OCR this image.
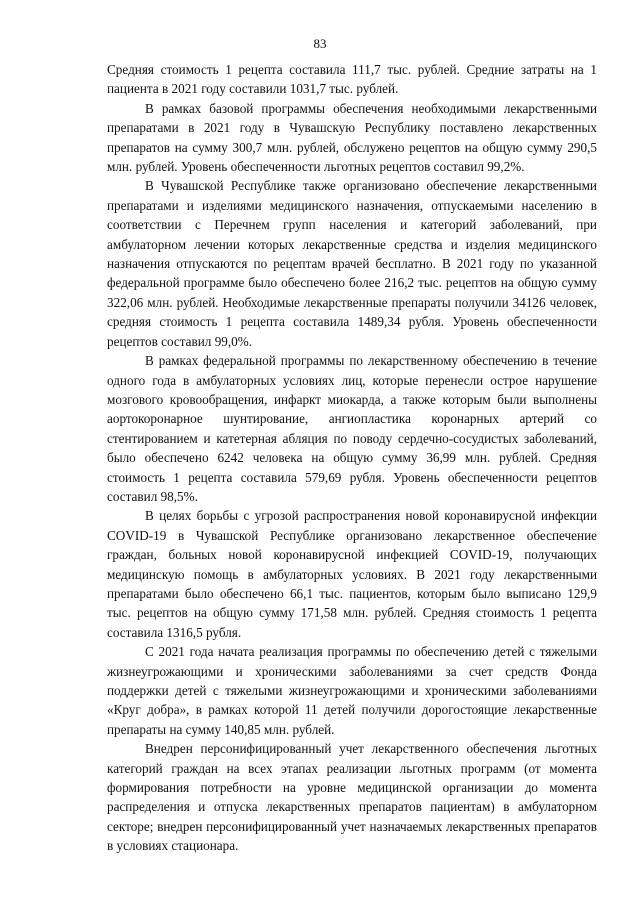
83

Средняя стоимость 1 рецепта составила 111,7 тыс. рублей. Средние затраты на 1 пациента в 2021 году составили 1031,7 тыс. рублей.

В рамках базовой программы обеспечения необходимыми лекарственными препаратами в 2021 году в Чувашскую Республику поставлено лекарственных препаратов на сумму 300,7 млн. рублей, обслужено рецептов на общую сумму 290,5 млн. рублей. Уровень обеспеченности льготных рецептов составил 99,2%.

В Чувашской Республике также организовано обеспечение лекарственными препаратами и изделиями медицинского назначения, отпускаемыми населению в соответствии с Перечнем групп населения и категорий заболеваний, при амбулаторном лечении которых лекарственные средства и изделия медицинского назначения отпускаются по рецептам врачей бесплатно. В 2021 году по указанной федеральной программе было обеспечено более 216,2 тыс. рецептов на общую сумму 322,06 млн. рублей. Необходимые лекарственные препараты получили 34126 человек, средняя стоимость 1 рецепта составила 1489,34 рубля. Уровень обеспеченности рецептов составил 99,0%.

В рамках федеральной программы по лекарственному обеспечению в течение одного года в амбулаторных условиях лиц, которые перенесли острое нарушение мозгового кровообращения, инфаркт миокарда, а также которым были выполнены аортокоронарное шунтирование, ангиопластика коронарных артерий со стентированием и катетерная абляция по поводу сердечно-сосудистых заболеваний, было обеспечено 6242 человека на общую сумму 36,99 млн. рублей. Средняя стоимость 1 рецепта составила 579,69 рубля. Уровень обеспеченности рецептов составил 98,5%.

В целях борьбы с угрозой распространения новой коронавирусной инфекции COVID-19 в Чувашской Республике организовано лекарственное обеспечение граждан, больных новой коронавирусной инфекцией COVID-19, получающих медицинскую помощь в амбулаторных условиях. В 2021 году лекарственными препаратами было обеспечено 66,1 тыс. пациентов, которым было выписано 129,9 тыс. рецептов на общую сумму 171,58 млн. рублей. Средняя стоимость 1 рецепта составила 1316,5 рубля.

С 2021 года начата реализация программы по обеспечению детей с тяжелыми жизнеугрожающими и хроническими заболеваниями за счет средств Фонда поддержки детей с тяжелыми жизнеугрожающими и хроническими заболеваниями «Круг добра», в рамках которой 11 детей получили дорогостоящие лекарственные препараты на сумму 140,85 млн. рублей.

Внедрен персонифицированный учет лекарственного обеспечения льготных категорий граждан на всех этапах реализации льготных программ (от момента формирования потребности на уровне медицинской организации до момента распределения и отпуска лекарственных препаратов пациентам) в амбулаторном секторе; внедрен персонифицированный учет назначаемых лекарственных препаратов в условиях стационара.
